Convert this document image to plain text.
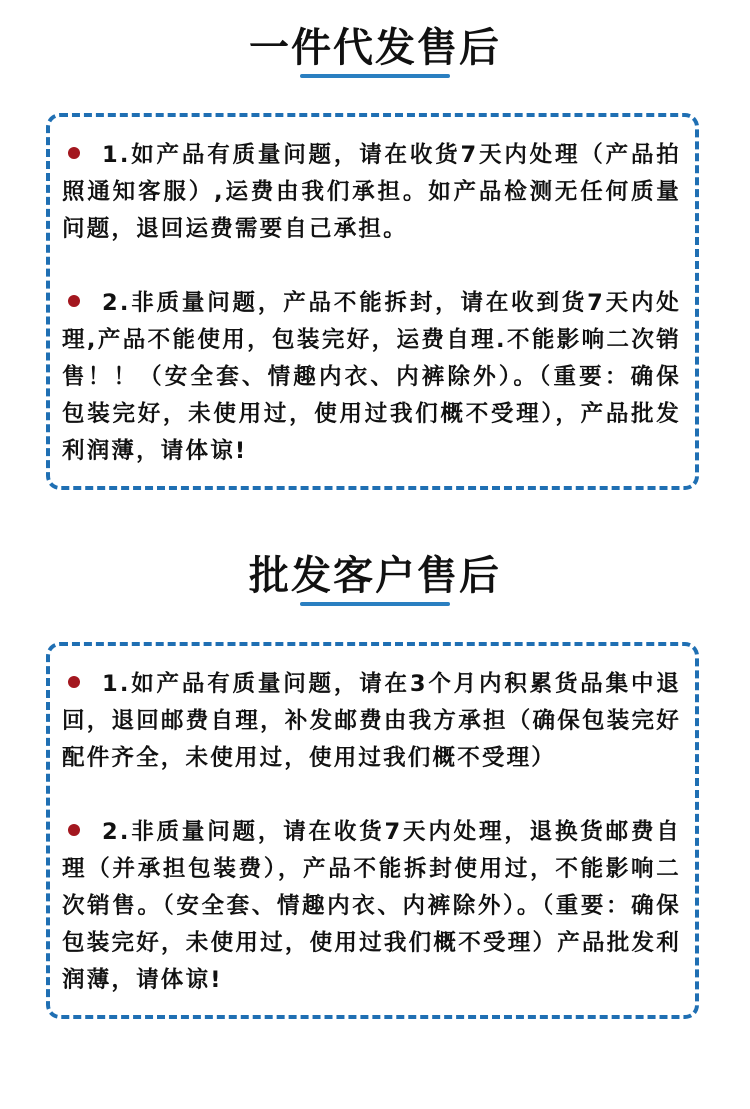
一件代发售后

1.如产品有质量问题，请在收货7天内处理（产品拍照通知客服）,运费由我们承担。如产品检测无任何质量问题，退回运费需要自己承担。

2.非质量问题，产品不能拆封，请在收到货7天内处理,产品不能使用，包装完好，运费自理.不能影响二次销售！！（安全套、情趣内衣、内裤除外）。（重要：确保包装完好，未使用过，使用过我们概不受理），产品批发利润薄，请体谅!

批发客户售后

1.如产品有质量问题，请在3个月内积累货品集中退回，退回邮费自理，补发邮费由我方承担（确保包装完好配件齐全，未使用过，使用过我们概不受理）

2.非质量问题，请在收货7天内处理，退换货邮费自理（并承担包装费），产品不能拆封使用过，不能影响二次销售。（安全套、情趣内衣、内裤除外）。（重要：确保包装完好，未使用过，使用过我们概不受理）产品批发利润薄，请体谅!
